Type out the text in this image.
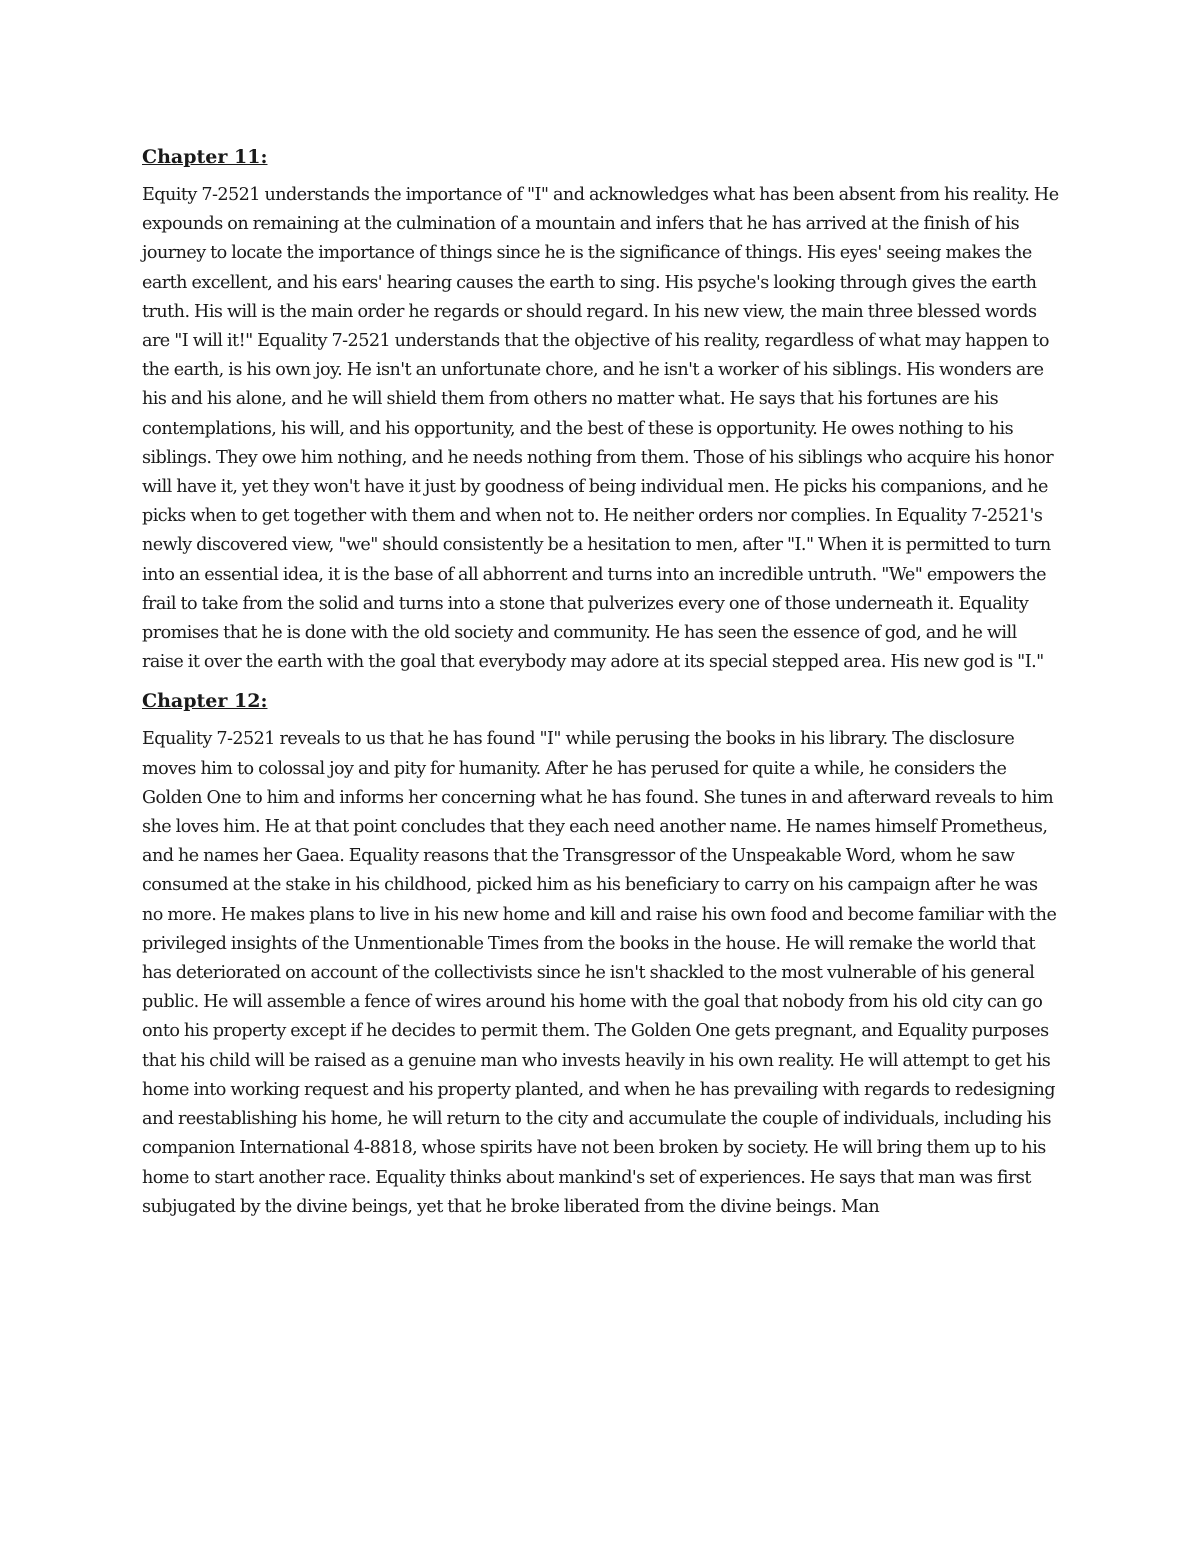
Chapter 11:

Equity 7-2521 understands the importance of "I" and acknowledges what has been absent from his reality. He expounds on remaining at the culmination of a mountain and infers that he has arrived at the finish of his journey to locate the importance of things since he is the significance of things. His eyes' seeing makes the earth excellent, and his ears' hearing causes the earth to sing. His psyche's looking through gives the earth truth. His will is the main order he regards or should regard. In his new view, the main three blessed words are "I will it!" Equality 7-2521 understands that the objective of his reality, regardless of what may happen to the earth, is his own joy. He isn't an unfortunate chore, and he isn't a worker of his siblings. His wonders are his and his alone, and he will shield them from others no matter what. He says that his fortunes are his contemplations, his will, and his opportunity, and the best of these is opportunity. He owes nothing to his siblings. They owe him nothing, and he needs nothing from them. Those of his siblings who acquire his honor will have it, yet they won't have it just by goodness of being individual men. He picks his companions, and he picks when to get together with them and when not to. He neither orders nor complies. In Equality 7-2521's newly discovered view, "we" should consistently be a hesitation to men, after "I." When it is permitted to turn into an essential idea, it is the base of all abhorrent and turns into an incredible untruth. "We" empowers the frail to take from the solid and turns into a stone that pulverizes every one of those underneath it. Equality promises that he is done with the old society and community. He has seen the essence of god, and he will raise it over the earth with the goal that everybody may adore at its special stepped area. His new god is "I."

Chapter 12:

Equality 7-2521 reveals to us that he has found "I" while perusing the books in his library. The disclosure moves him to colossal joy and pity for humanity. After he has perused for quite a while, he considers the Golden One to him and informs her concerning what he has found. She tunes in and afterward reveals to him she loves him. He at that point concludes that they each need another name. He names himself Prometheus, and he names her Gaea. Equality reasons that the Transgressor of the Unspeakable Word, whom he saw consumed at the stake in his childhood, picked him as his beneficiary to carry on his campaign after he was no more. He makes plans to live in his new home and kill and raise his own food and become familiar with the privileged insights of the Unmentionable Times from the books in the house. He will remake the world that has deteriorated on account of the collectivists since he isn't shackled to the most vulnerable of his general public. He will assemble a fence of wires around his home with the goal that nobody from his old city can go onto his property except if he decides to permit them. The Golden One gets pregnant, and Equality purposes that his child will be raised as a genuine man who invests heavily in his own reality. He will attempt to get his home into working request and his property planted, and when he has prevailing with regards to redesigning and reestablishing his home, he will return to the city and accumulate the couple of individuals, including his companion International 4-8818, whose spirits have not been broken by society. He will bring them up to his home to start another race. Equality thinks about mankind's set of experiences. He says that man was first subjugated by the divine beings, yet that he broke liberated from the divine beings. Man
